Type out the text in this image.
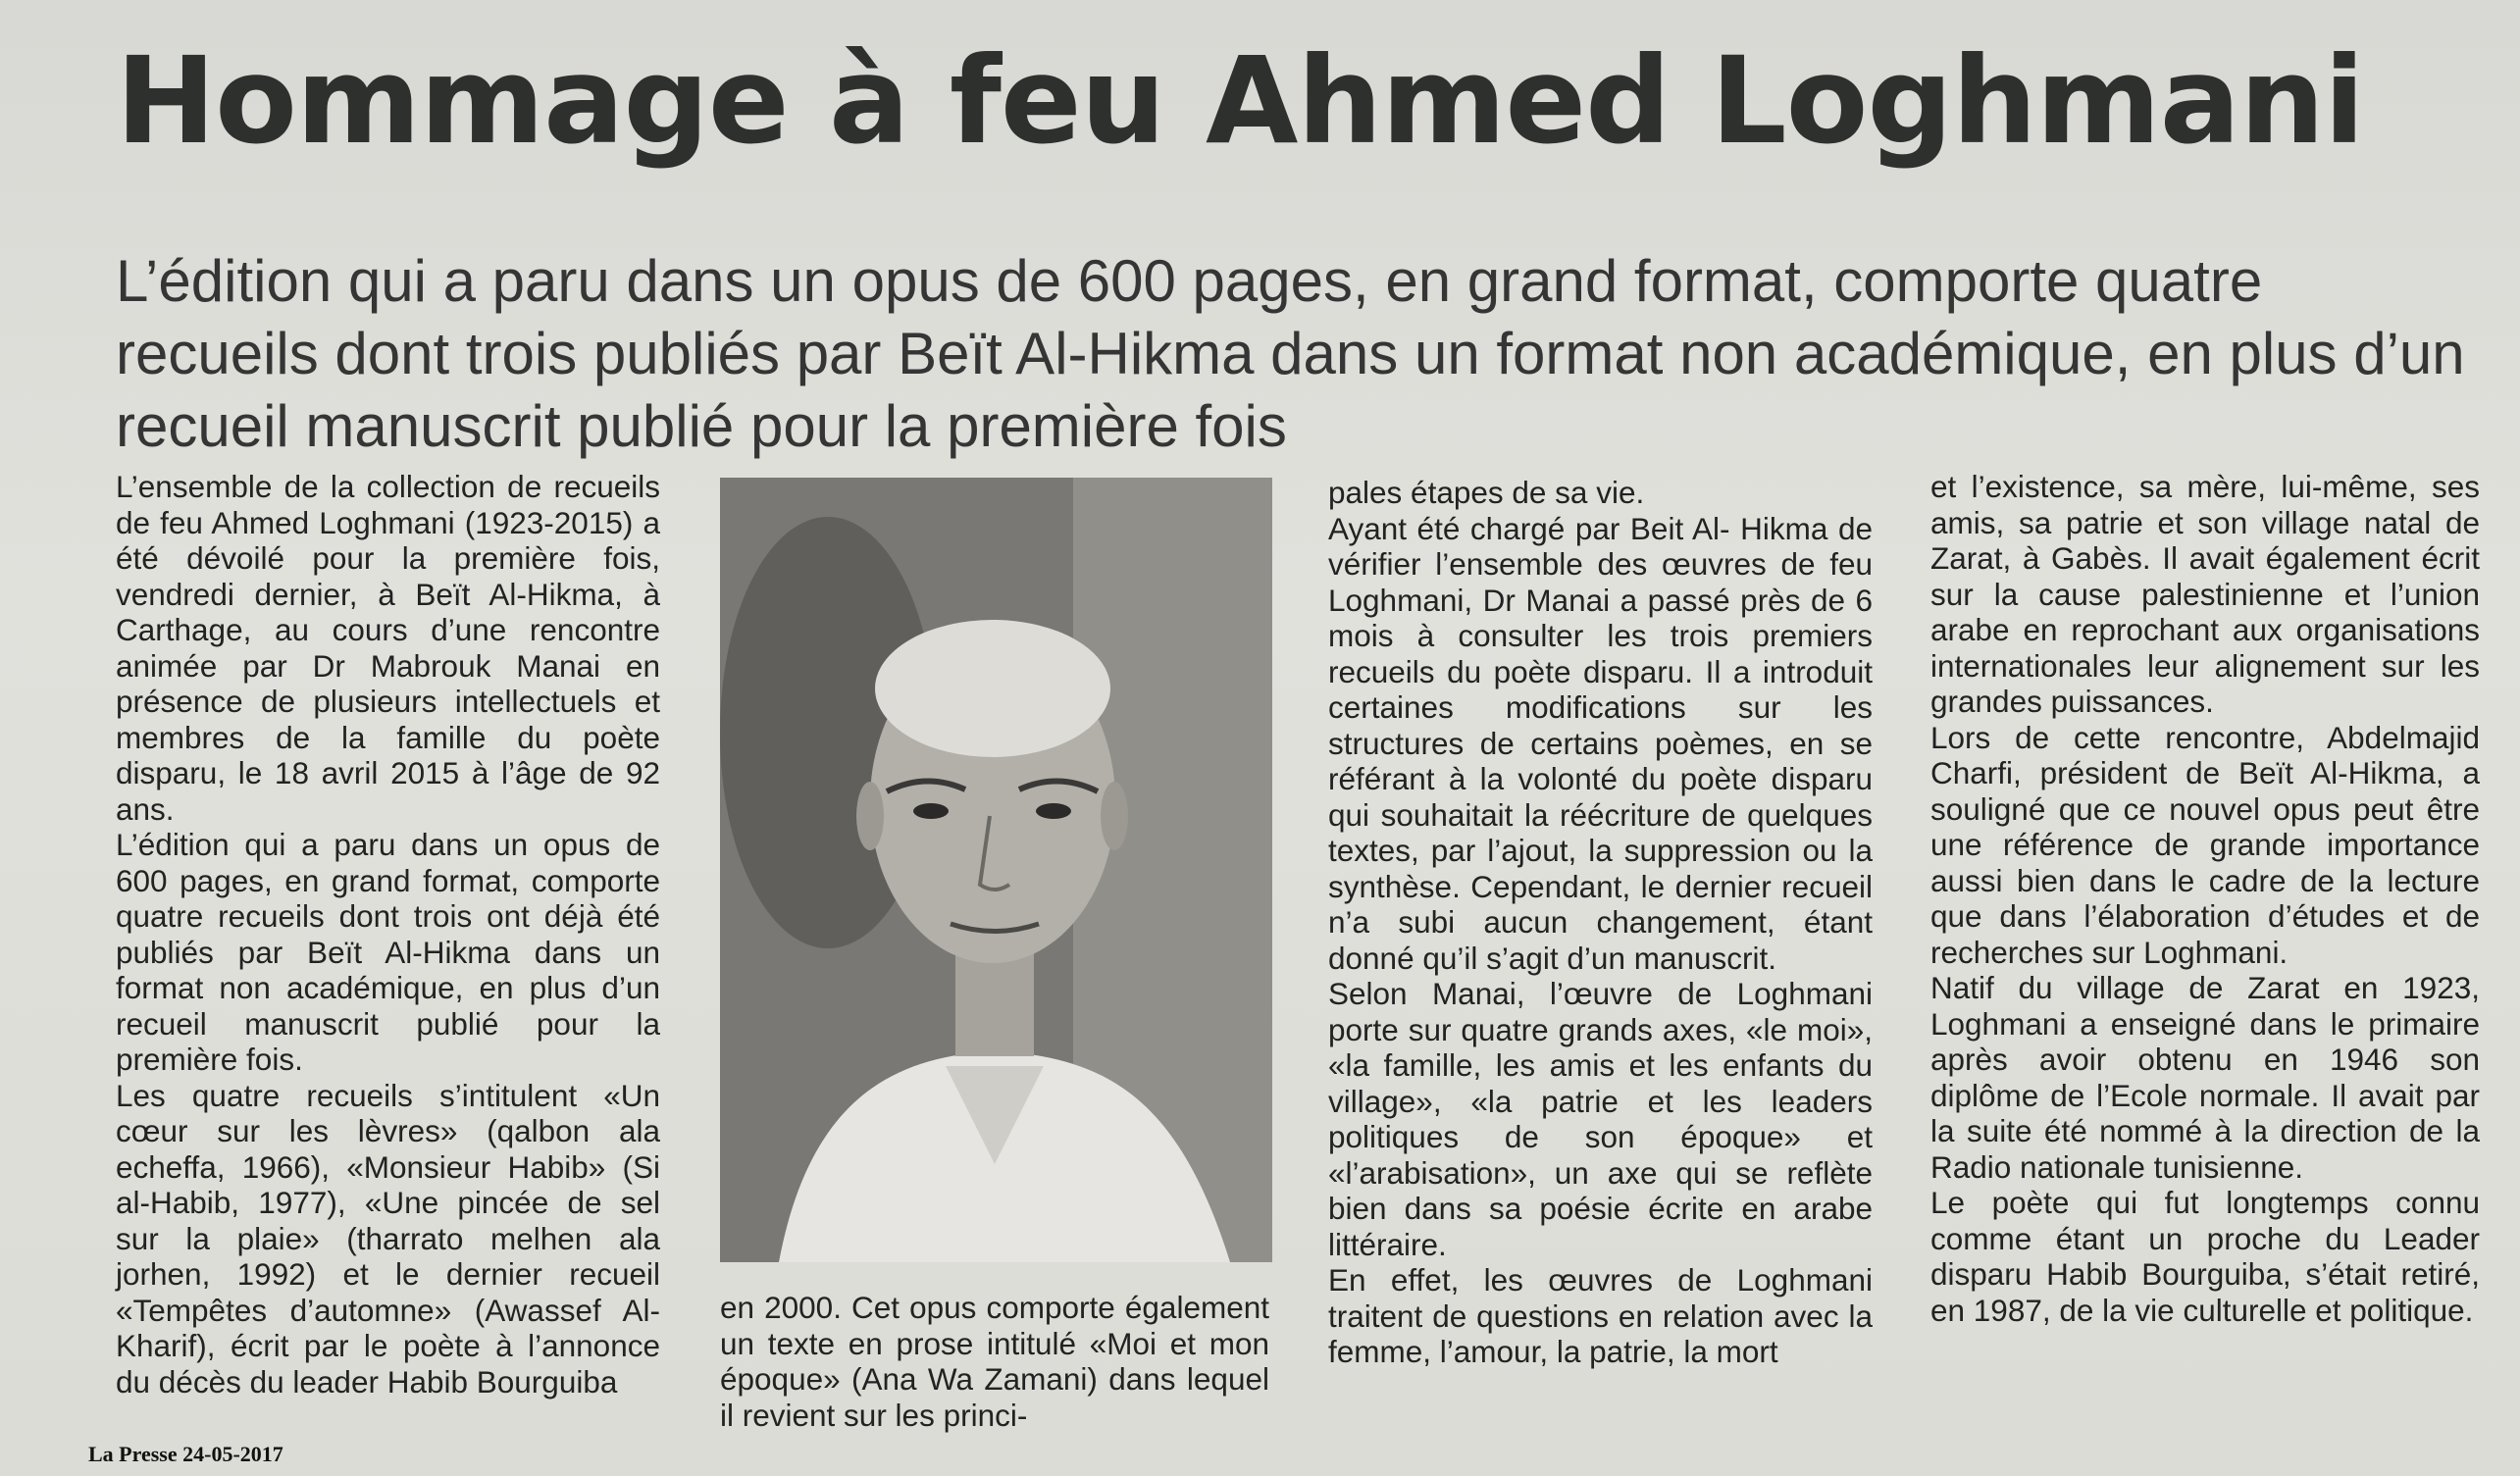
Hommage à feu Ahmed Loghmani

L’édition qui a paru dans un opus de 600 pages, en grand format, comporte quatre recueils dont trois publiés par Beït Al-Hikma dans un format non académique, en plus d’un recueil manuscrit publié pour la première fois

L’ensemble de la collection de recueils de feu Ahmed Loghmani (1923-2015) a été dévoilé pour la première fois, vendredi dernier, à Beït Al-Hikma, à Carthage, au cours d’une rencontre animée par Dr Mabrouk Manai en présence de plusieurs intellectuels et membres de la famille du poète disparu, le 18 avril 2015 à l’âge de 92 ans.

L’édition qui a paru dans un opus de 600 pages, en grand format, comporte quatre recueils dont trois ont déjà été publiés par Beït Al-Hikma dans un format non académique, en plus d’un recueil manuscrit publié pour la première fois.

Les quatre recueils s’intitulent «Un cœur sur les lèvres» (qalbon ala echeffa, 1966), «Monsieur Habib» (Si al-Habib, 1977), «Une pincée de sel sur la plaie» (tharrato melhen ala jorhen, 1992) et le dernier recueil «Tempêtes d’automne» (Awassef Al-Kharif), écrit par le poète à l’annonce du décès du leader Habib Bourguiba

en 2000. Cet opus comporte également un texte en prose intitulé «Moi et mon époque» (Ana Wa Zamani) dans lequel il revient sur les princi-

pales étapes de sa vie.

Ayant été chargé par Beit Al- Hikma de vérifier l’ensemble des œuvres de feu Loghmani, Dr Manai a passé près de 6 mois à consulter les trois premiers recueils du poète disparu. Il a introduit certaines modifications sur les structures de certains poèmes, en se référant à la volonté du poète disparu qui souhaitait la réécriture de quelques textes, par l’ajout, la suppression ou la synthèse. Cependant, le dernier recueil n’a subi aucun changement, étant donné qu’il s’agit d’un manuscrit.

Selon Manai, l’œuvre de Loghmani porte sur quatre grands axes, «le moi», «la famille, les amis et les enfants du village», «la patrie et les leaders politiques de son époque» et «l’arabisation», un axe qui se reflète bien dans sa poésie écrite en arabe littéraire.

En effet, les œuvres de Loghmani traitent de questions en relation avec la femme, l’amour, la patrie, la mort

et l’existence, sa mère, lui-même, ses amis, sa patrie et son village natal de Zarat, à Gabès. Il avait également écrit sur la cause palestinienne et l’union arabe en reprochant aux organisations internationales leur alignement sur les grandes puissances.

Lors de cette rencontre, Abdelmajid Charfi, président de Beït Al-Hikma, a souligné que ce nouvel opus peut être une référence de grande importance aussi bien dans le cadre de la lecture que dans l’élaboration d’études et de recherches sur Loghmani.

Natif du village de Zarat en 1923, Loghmani a enseigné dans le primaire après avoir obtenu en 1946 son diplôme de l’Ecole normale. Il avait par la suite été nommé à la direction de la Radio nationale tunisienne.

Le poète qui fut longtemps connu comme étant un proche du Leader disparu Habib Bourguiba, s’était retiré, en 1987, de la vie culturelle et politique.

La Presse 24-05-2017
